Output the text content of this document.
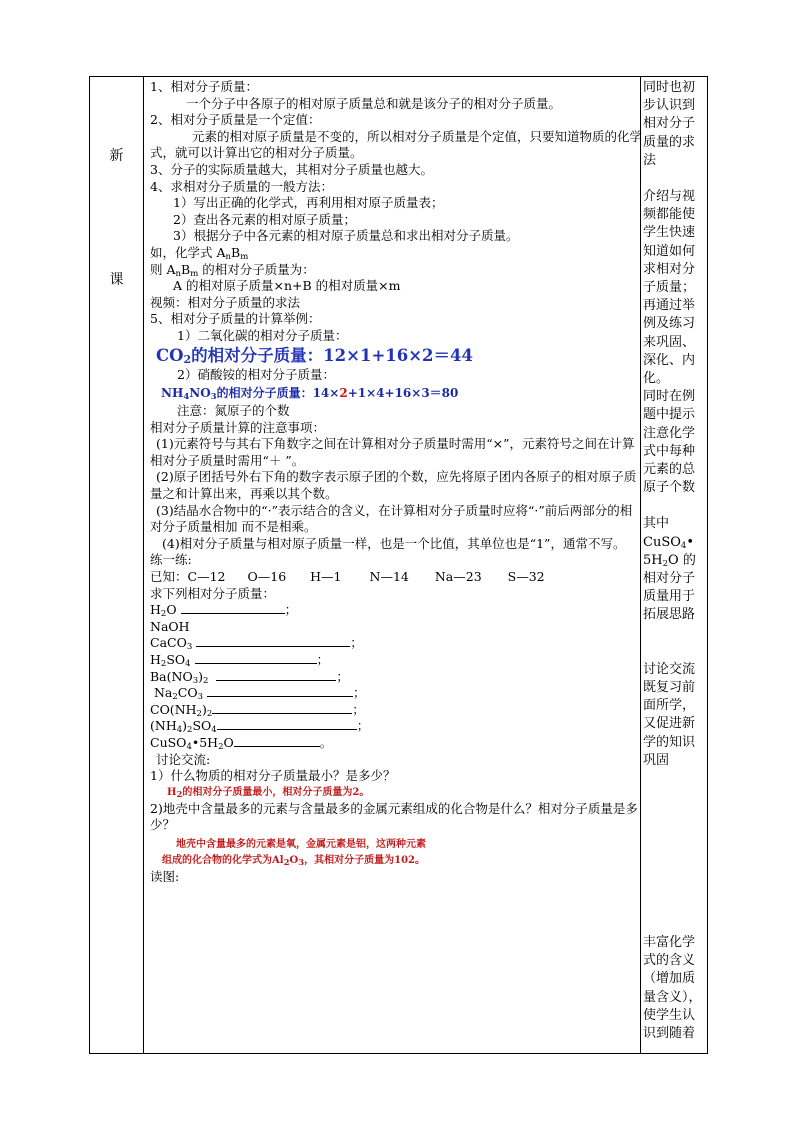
新
课
1、相对分子质量：
一个分子中各原子的相对原子质量总和就是该分子的相对分子质量。
2、相对分子质量是一个定值：
元素的相对原子质量是不变的，所以相对分子质量是个定值，只要知道物质的化学式，就可以计算出它的相对分子质量。
3、分子的实际质量越大，其相对分子质量也越大。
4、求相对分子质量的一般方法：
1）写出正确的化学式，再利用相对原子质量表；
2）查出各元素的相对原子质量；
3）根据分子中各元素的相对原子质量总和求出相对分子质量。
如，化学式 $A_nB_m$
则 $A_nB_m$ 的相对分子质量为：
A 的相对原子质量×n+B 的相对质量×m
视频：相对分子质量的求法
5、相对分子质量的计算举例：
1）二氧化碳的相对分子质量：
$CO_2$的相对分子质量：12×1+16×2＝44
2）硝酸铵的相对分子质量：
$NH_4NO_3$的相对分子质量：14×2+1×4+16×3＝80
注意：氮原子的个数
相对分子质量计算的注意事项：
(1)元素符号与其右下角数字之间在计算相对分子质量时需用“×”，元素符号之间在计算相对分子质量时需用“＋ ”。
(2)原子团括号外右下角的数字表示原子团的个数，应先将原子团内各原子的相对原子质量之和计算出来，再乘以其个数。
(3)结晶水合物中的“·”表示结合的含义，在计算相对分子质量时应将“·”前后两部分的相对分子质量相加 而不是相乘。
(4)相对分子质量与相对原子质量一样，也是一个比值，其单位也是“1”，通常不写。
练一练:
已知：C—12 O—16 H—1 N—14 Na—23 S—32
求下列相对分子质量：
$H_2O$	；
NaOH
CaCO$_3$	；
$H_2SO_4$	；
$Ba(NO_3)_2$	；
$Na_2CO_3$	；
$CO(NH_2)_2$	；
$(NH_4)_2SO_4$	；
$CuSO_4•5H_2O$	。
讨论交流:
1）什么物质的相对分子质量最小？是多少？
$H_2$的相对分子质量最小，相对分子质量为2。
2)地壳中含量最多的元素与含量最多的金属元素组成的化合物是什么？相对分子质量是多少？
地壳中含量最多的元素是氧，金属元素是铝，这两种元素
组成的化合物的化学式为$Al_2O_3$，其相对分子质量为102。
读图:

同时也初步认识到相对分子质量的求法

介绍与视频都能使学生快速知道如何求相对分子质量；再通过举例及练习来巩固、深化、内化。

同时在例题中提示注意化学式中每种元素的总原子个数

其中
CuSO$_4$•
$5H_2O$ 的相对分子质量用于拓展思路

讨论交流既复习前面所学，又促进新学的知识巩固

丰富化学式的含义（增加质量含义），使学生认识到随着
